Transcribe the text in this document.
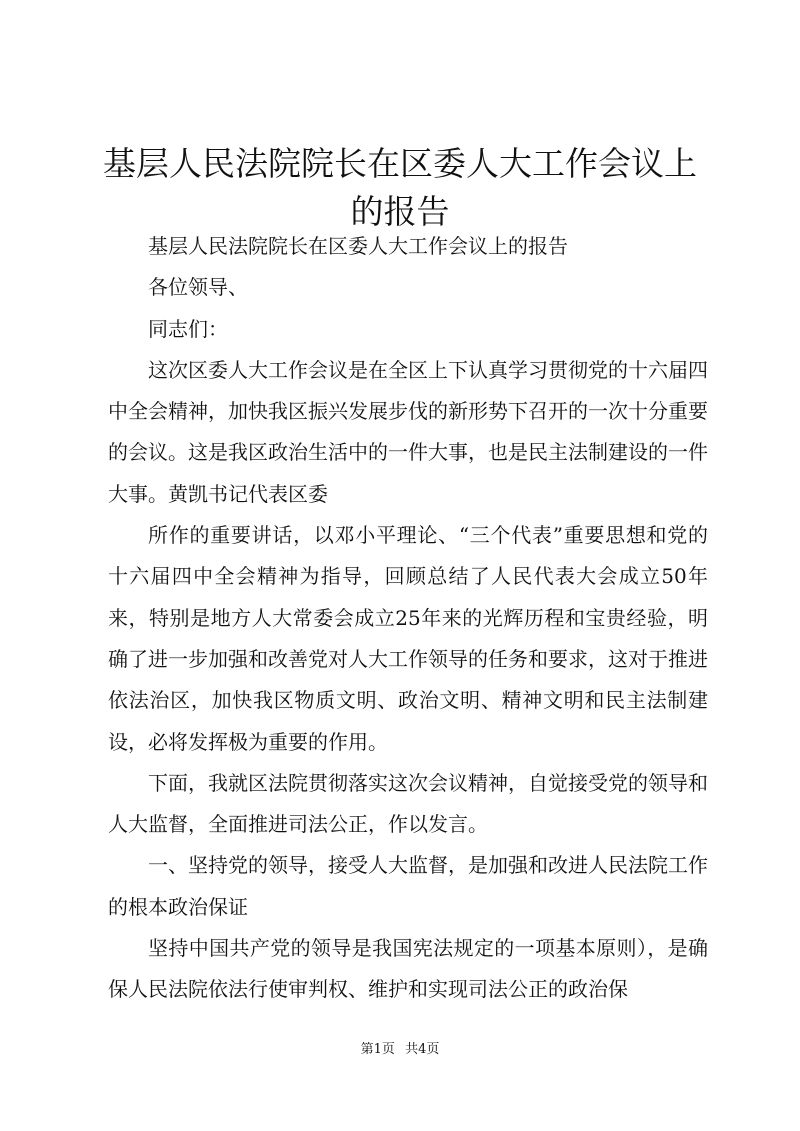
基层人民法院院长在区委人大工作会议上的报告

基层人民法院院长在区委人大工作会议上的报告

各位领导、

同志们：

这次区委人大工作会议是在全区上下认真学习贯彻党的十六届四中全会精神，加快我区振兴发展步伐的新形势下召开的一次十分重要的会议。这是我区政治生活中的一件大事，也是民主法制建设的一件大事。黄凯书记代表区委

所作的重要讲话，以邓小平理论、“三个代表”重要思想和党的十六届四中全会精神为指导，回顾总结了人民代表大会成立50年来，特别是地方人大常委会成立25年来的光辉历程和宝贵经验，明确了进一步加强和改善党对人大工作领导的任务和要求，这对于推进依法治区，加快我区物质文明、政治文明、精神文明和民主法制建设，必将发挥极为重要的作用。

下面，我就区法院贯彻落实这次会议精神，自觉接受党的领导和人大监督，全面推进司法公正，作以发言。

一、坚持党的领导，接受人大监督，是加强和改进人民法院工作的根本政治保证

坚持中国共产党的领导是我国宪法规定的一项基本原则），是确保人民法院依法行使审判权、维护和实现司法公正的政治保

第1页 共4页
